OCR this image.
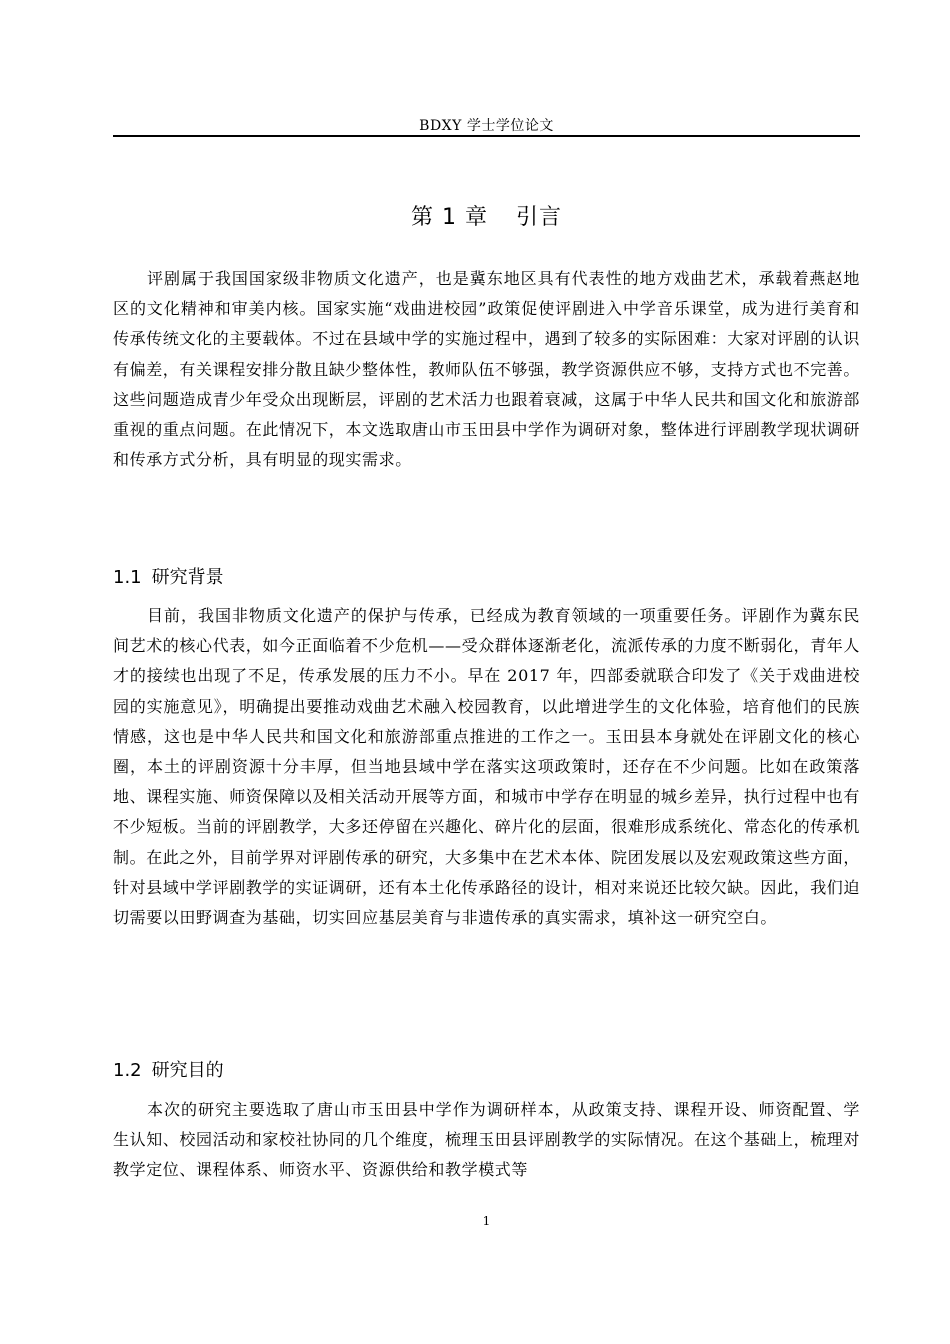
BDXY 学士学位论文
第 1 章 引言

评剧属于我国国家级非物质文化遗产，也是冀东地区具有代表性的地方戏曲艺术，承载着燕赵地区的文化精神和审美内核。国家实施“戏曲进校园”政策促使评剧进入中学音乐课堂，成为进行美育和传承传统文化的主要载体。不过在县域中学的实施过程中，遇到了较多的实际困难：大家对评剧的认识有偏差，有关课程安排分散且缺少整体性，教师队伍不够强，教学资源供应不够，支持方式也不完善。这些问题造成青少年受众出现断层，评剧的艺术活力也跟着衰减，这属于中华人民共和国文化和旅游部重视的重点问题。在此情况下，本文选取唐山市玉田县中学作为调研对象，整体进行评剧教学现状调研和传承方式分析，具有明显的现实需求。

1.1 研究背景

目前，我国非物质文化遗产的保护与传承，已经成为教育领域的一项重要任务。评剧作为冀东民间艺术的核心代表，如今正面临着不少危机——受众群体逐渐老化，流派传承的力度不断弱化，青年人才的接续也出现了不足，传承发展的压力不小。早在 2017 年，四部委就联合印发了《关于戏曲进校园的实施意见》，明确提出要推动戏曲艺术融入校园教育，以此增进学生的文化体验，培育他们的民族情感，这也是中华人民共和国文化和旅游部重点推进的工作之一。玉田县本身就处在评剧文化的核心圈，本土的评剧资源十分丰厚，但当地县域中学在落实这项政策时，还存在不少问题。比如在政策落地、课程实施、师资保障以及相关活动开展等方面，和城市中学存在明显的城乡差异，执行过程中也有不少短板。当前的评剧教学，大多还停留在兴趣化、碎片化的层面，很难形成系统化、常态化的传承机制。在此之外，目前学界对评剧传承的研究，大多集中在艺术本体、院团发展以及宏观政策这些方面，针对县域中学评剧教学的实证调研，还有本土化传承路径的设计，相对来说还比较欠缺。因此，我们迫切需要以田野调查为基础，切实回应基层美育与非遗传承的真实需求，填补这一研究空白。

1.2 研究目的

本次的研究主要选取了唐山市玉田县中学作为调研样本，从政策支持、课程开设、师资配置、学生认知、校园活动和家校社协同的几个维度，梳理玉田县评剧教学的实际情况。在这个基础上，梳理对教学定位、课程体系、师资水平、资源供给和教学模式等

1
